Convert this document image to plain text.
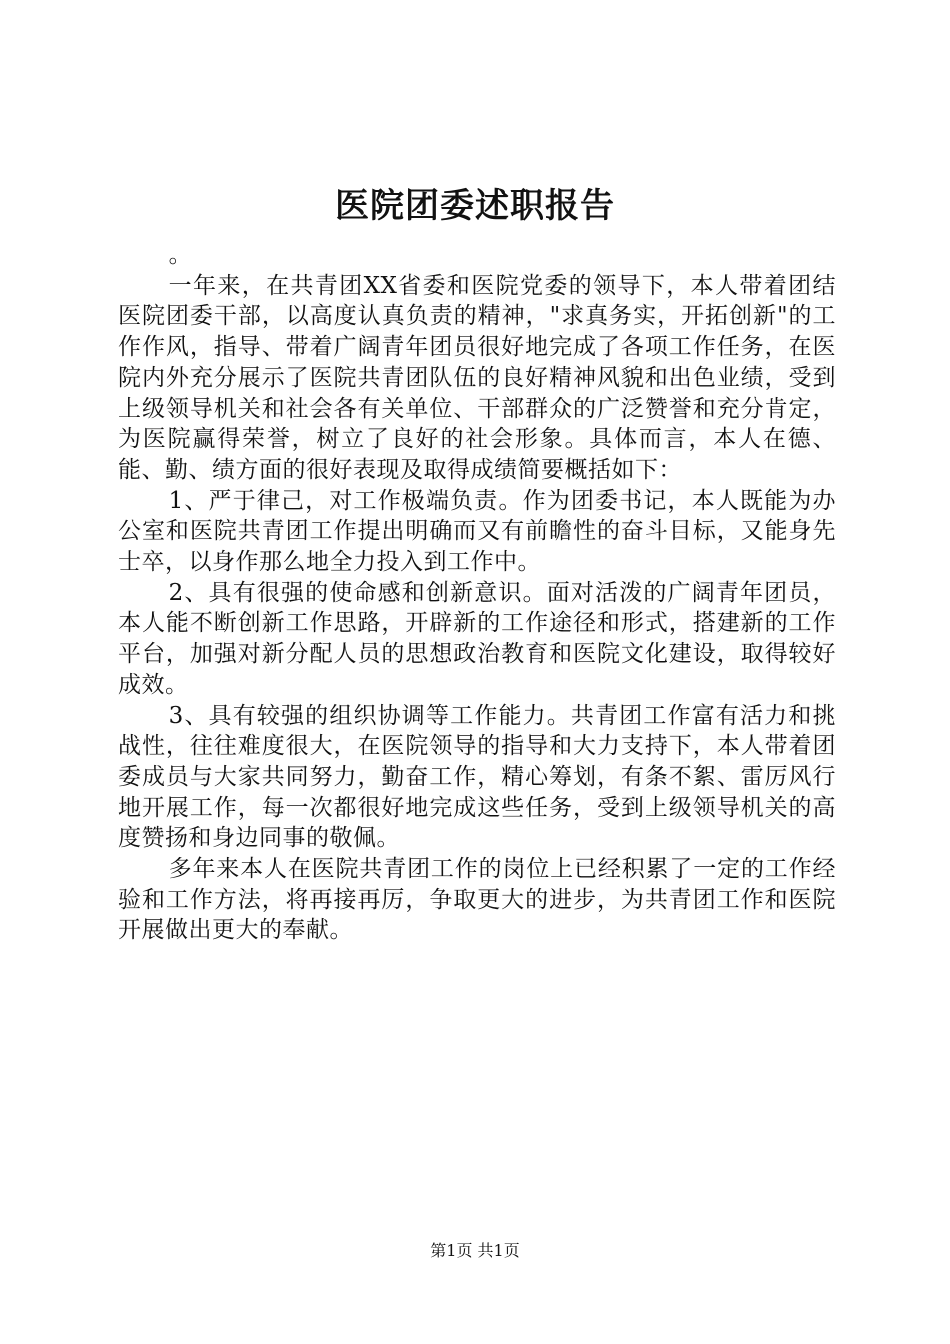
医院团委述职报告

。

一年来，在共青团XX省委和医院党委的领导下，本人带着团结医院团委干部，以高度认真负责的精神，"求真务实，开拓创新"的工作作风，指导、带着广阔青年团员很好地完成了各项工作任务，在医院内外充分展示了医院共青团队伍的良好精神风貌和出色业绩，受到上级领导机关和社会各有关单位、干部群众的广泛赞誉和充分肯定，为医院赢得荣誉，树立了良好的社会形象。具体而言，本人在德、能、勤、绩方面的很好表现及取得成绩简要概括如下：

1、严于律己，对工作极端负责。作为团委书记，本人既能为办公室和医院共青团工作提出明确而又有前瞻性的奋斗目标，又能身先士卒，以身作那么地全力投入到工作中。

2、具有很强的使命感和创新意识。面对活泼的广阔青年团员，本人能不断创新工作思路，开辟新的工作途径和形式，搭建新的工作平台，加强对新分配人员的思想政治教育和医院文化建设，取得较好成效。

3、具有较强的组织协调等工作能力。共青团工作富有活力和挑战性，往往难度很大，在医院领导的指导和大力支持下，本人带着团委成员与大家共同努力，勤奋工作，精心筹划，有条不絮、雷厉风行地开展工作，每一次都很好地完成这些任务，受到上级领导机关的高度赞扬和身边同事的敬佩。

多年来本人在医院共青团工作的岗位上已经积累了一定的工作经验和工作方法，将再接再厉，争取更大的进步，为共青团工作和医院开展做出更大的奉献。

第1页 共1页
